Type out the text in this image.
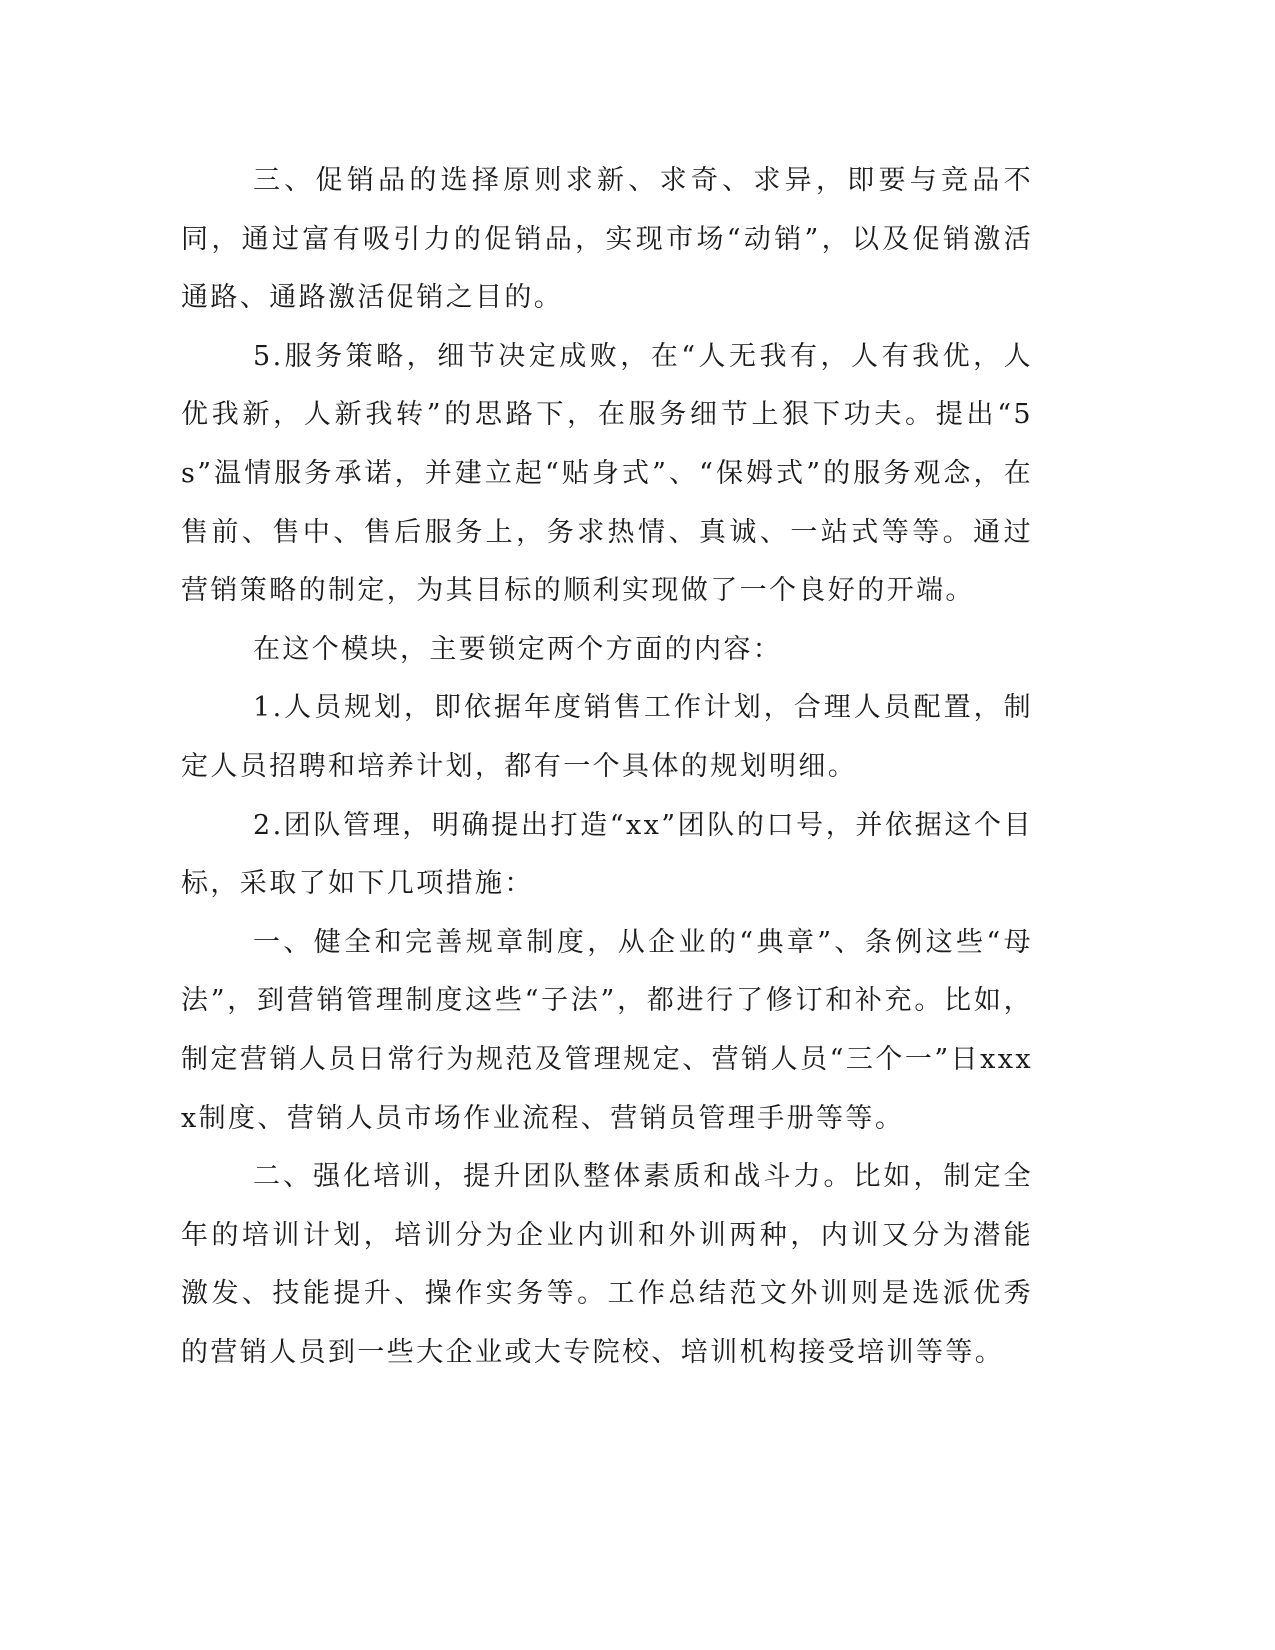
三、促销品的选择原则求新、求奇、求异，即要与竞品不同，通过富有吸引力的促销品，实现市场“动销”，以及促销激活通路、通路激活促销之目的。

5.服务策略，细节决定成败，在“人无我有，人有我优，人优我新，人新我转”的思路下，在服务细节上狠下功夫。提出“5s”温情服务承诺，并建立起“贴身式”、“保姆式”的服务观念，在售前、售中、售后服务上，务求热情、真诚、一站式等等。通过营销策略的制定，为其目标的顺利实现做了一个良好的开端。

在这个模块，主要锁定两个方面的内容：

1.人员规划，即依据年度销售工作计划，合理人员配置，制定人员招聘和培养计划，都有一个具体的规划明细。

2.团队管理，明确提出打造“xx”团队的口号，并依据这个目标，采取了如下几项措施：

一、健全和完善规章制度，从企业的“典章”、条例这些“母法”，到营销管理制度这些“子法”，都进行了修订和补充。比如，制定营销人员日常行为规范及管理规定、营销人员“三个一”日xxxx制度、营销人员市场作业流程、营销员管理手册等等。

二、强化培训，提升团队整体素质和战斗力。比如，制定全年的培训计划，培训分为企业内训和外训两种，内训又分为潜能激发、技能提升、操作实务等。工作总结范文外训则是选派优秀的营销人员到一些大企业或大专院校、培训机构接受培训等等。
